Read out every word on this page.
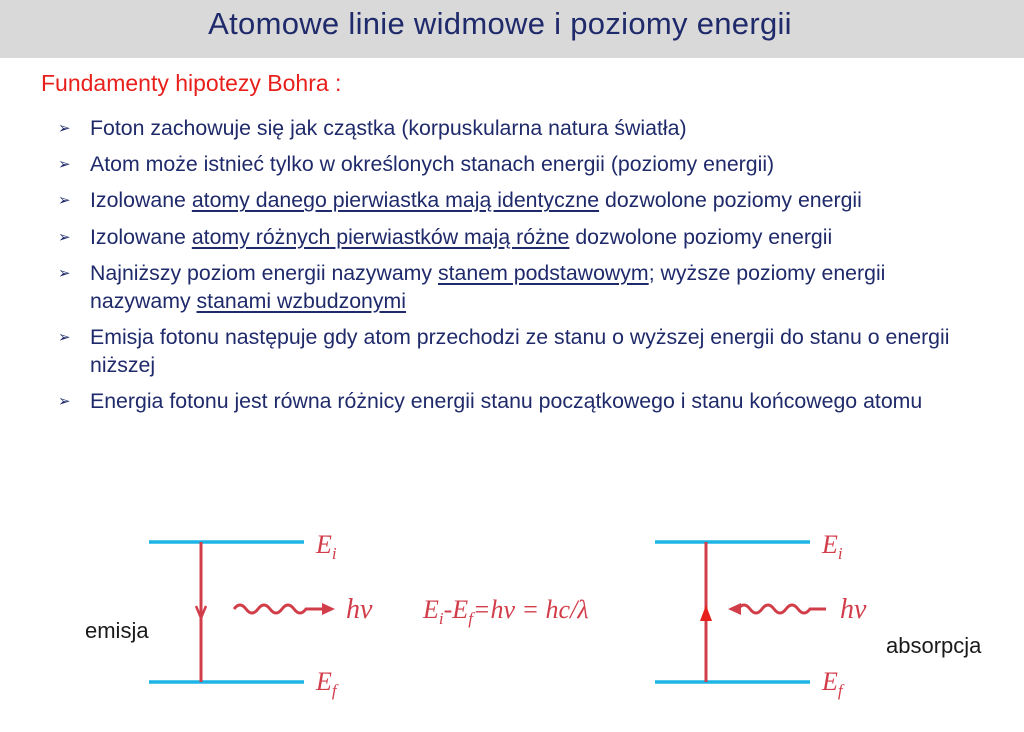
Atomowe linie widmowe i poziomy energii
Fundamenty hipotezy Bohra :
➢ Foton zachowuje się jak cząstka (korpuskularna natura światła)
➢ Atom może istnieć tylko w określonych stanach energii (poziomy energii)
➢ Izolowane atomy danego pierwiastka mają identyczne dozwolone poziomy energii
➢ Izolowane atomy różnych pierwiastków mają różne dozwolone poziomy energii
➢ Najniższy poziom energii nazywamy stanem podstawowym; wyższe poziomy energii nazywamy stanami wzbudzonymi
➢ Emisja fotonu następuje gdy atom przechodzi ze stanu o wyższej energii do stanu o energii niższej
➢ Energia fotonu jest równa różnicy energii stanu początkowego i stanu końcowego atomu
$E_i$
$E_f$
hν
emisja
$E_i-E_f=h\nu = hc/\lambda$
$E_i$
$E_f$
hν
absorpcja
